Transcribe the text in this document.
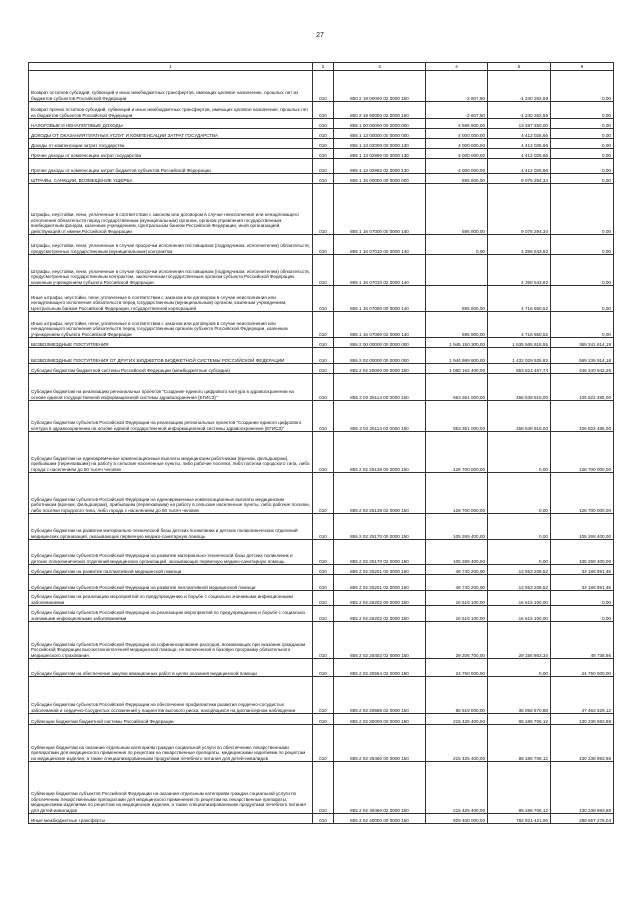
27
1	2	3	4	5	6
Возврат остатков субсидий, субвенций и иных межбюджетных трансфертов, имеющих целевое назначение, прошлых лет из бюджетов субъектов Российской Федерации	010	850 2 19 00000 02 0000 150	-2 607,50	-1 240 262,59	0,00
Возврат прочих остатков субсидий, субвенций и иных межбюджетных трансфертов, имеющих целевое назначение, прошлых лет из бюджетов субъектов Российской Федерации	010	850 2 19 90000 02 0000 150	-2 607,50	-1 240 262,59	0,00
НАЛОГОВЫЕ И НЕНАЛОГОВЫЕ ДОХОДЫ	010	855 1 00 00000 00 0000 000	4 595 800,00	13 487 350,00	0,00
ДОХОДЫ ОТ ОКАЗАНИЯ ПЛАТНЫХ УСЛУГ И КОМПЕНСАЦИИ ЗАТРАТ ГОСУДАРСТВА	010	855 1 13 00000 00 0000 000	4 000 000,00	4 412 025,66	0,00
Доходы от компенсации затрат государства	010	855 1 13 02000 00 0000 130	4 000 000,00	4 412 025,66	0,00
Прочие доходы от компенсации затрат государства	010	855 1 13 02990 00 0000 130	4 000 000,00	4 412 025,66	0,00
Прочие доходы от компенсации затрат бюджетов субъектов Российской Федерации	010	855 1 13 02992 02 0000 130	4 000 000,00	4 412 025,66	0,00
ШТРАФЫ, САНКЦИИ, ВОЗМЕЩЕНИЕ УЩЕРБА	010	855 1 16 00000 00 0000 000	595 800,00	9 075 294,34	0,00
Штрафы, неустойки, пени, уплаченные в соответствии с законом или договором в случае неисполнения или ненадлежащего исполнения обязательств перед государственным (муниципальным) органом, органом управления государственным внебюджетным фондом, казенным учреждением, Центральным банком Российской Федерации, иной организацией, действующей от имени Российской Федерации	010	855 1 16 07000 00 0000 140	595 800,00	9 075 294,34	0,00
Штрафы, неустойки, пени, уплаченные в случае просрочки исполнения поставщиком (подрядчиком, исполнителем) обязательств, предусмотренных государственным (муниципальным) контрактом	010	855 1 16 07010 00 0000 140	0,00	4 358 643,82	0,00
Штрафы, неустойки, пени, уплаченные в случае просрочки исполнения поставщиком (подрядчиком, исполнителем) обязательств, предусмотренных государственным контрактом, заключенным государственным органом субъекта Российской Федерации, казенным учреждением субъекта Российской Федерации	010	855 1 16 07010 02 0000 140		4 358 643,82	0,00
Иные штрафы, неустойки, пени, уплаченные в соответствии с законом или договором в случае неисполнения или ненадлежащего исполнения обязательств перед государственным (муниципальным) органом, казенным учреждением, Центральным банком Российской Федерации, государственной корпорацией	010	855 1 16 07090 00 0000 140	595 800,00	4 716 650,52	0,00
Иные штрафы, неустойки, пени, уплаченные в соответствии с законом или договором в случае неисполнения или ненадлежащего исполнения обязательств перед государственным органом субъекта Российской Федерации, казенным учреждением субъекта Российской Федерации	010	855 1 16 07090 02 0000 140	595 800,00	4 716 650,52	0,00
БЕЗВОЗМЕЗДНЫЕ ПОСТУПЛЕНИЯ	010	855 2 00 00000 00 0000 000	1 945 150 300,00	1 635 565 618,55	369 341 614,19
БЕЗВОЗМЕЗДНЫЕ ПОСТУПЛЕНИЯ ОТ ДРУГИХ БЮДЖЕТОВ БЮДЖЕТНОЙ СИСТЕМЫ РОССИЙСКОЙ ФЕДЕРАЦИИ	010	855 2 02 00000 00 0000 000	1 944 989 800,00	1 432 029 535,82	569 136 914,18
Субсидии бюджетам бюджетной системы Российской Федерации (межбюджетные субсидии)	010	855 2 02 20000 00 0000 150	1 060 162 400,00	553 621 457,74	446 240 942,26
Субсидии бюджетам на реализацию региональных проектов "Создание единого цифрового контура в здравоохранении на основе единой государственной информационной системы здравоохранения (ЕГИСЗ)"	010	855 2 02 25114 00 0000 150	563 361 000,00	456 538 515,00	106 822 485,00
Субсидии бюджетам субъектов Российской Федерации на реализацию региональных проектов "Создание единого цифрового контура в здравоохранении на основе единой государственной информационной системы здравоохранения (ЕГИСЗ)"	010	855 2 02 25114 02 0000 150	563 361 000,00	456 538 515,00	106 822 485,00
Субсидии бюджетам на единовременные компенсационные выплаты медицинским работникам (врачам, фельдшерам), прибывшим (переехавшим) на работу в сельские населенные пункты, либо рабочие поселки, либо поселки городского типа, либо города с населением до 50 тысяч человек	010	855 2 02 25138 00 0000 150	128 700 000,00	0,00	128 700 000,00
Субсидии бюджетам субъектов Российской Федерации на единовременные компенсационные выплаты медицинским работникам (врачам, фельдшерам), прибывшим (переехавшим) на работу в сельские населенные пункты, либо рабочие поселки, либо поселки городского типа, либо города с населением до 50 тысяч человек	010	855 2 02 25138 02 0000 150	128 700 000,00	0,00	128 700 000,00
Субсидии бюджетам на развитие материально-технической базы детских поликлиник и детских поликлинических отделений медицинских организаций, оказывающих первичную медико-санитарную помощь	010	855 2 02 25170 00 0000 150	105 269 400,00	0,00	105 269 400,00
Субсидии бюджетам субъектов Российской Федерации на развитие материально-технической базы детских поликлиник и детских поликлинических отделений медицинских организаций, оказывающих первичную медико-санитарную помощь	010	855 2 02 25170 02 0000 150	105 269 400,00	0,00	105 269 400,00
Субсидии бюджетам на развитие паллиативной медицинской помощи	010	855 2 02 25201 00 0000 150	46 740 200,00	13 553 208,52	33 186 991,48
Субсидии бюджетам субъектов Российской Федерации на развитие паллиативной медицинской помощи	010	855 2 02 25201 02 0000 150	46 740 200,00	13 553 208,52	33 186 991,48
Субсидии бюджетам на реализацию мероприятий по предупреждению и борьбе с социально значимыми инфекционными заболеваниями	010	855 2 02 25202 00 0000 150	16 616 100,00	16 616 100,00	0,00
Субсидии бюджетам субъектов Российской Федерации на реализацию мероприятий по предупреждению и борьбе с социально значимыми инфекционными заболеваниями	010	855 2 02 25202 02 0000 150	16 616 100,00	16 616 100,00	0,00
Субсидии бюджетам субъектов Российской Федерации на софинансирование расходов, возникающих при оказании гражданам Российской Федерации высокотехнологичной медицинской помощи, не включенной в базовую программу обязательного медицинского страхования	010	855 2 02 25402 02 0000 150	29 206 700,00	29 156 963,34	49 736,66
Субсидии бюджетам на обеспечение закупки авиационных работ в целях оказания медицинской помощи	010	855 2 02 25554 02 0000 150	24 750 000,00	0,00	24 750 000,00
Субсидии бюджетам субъектов Российской Федерации на обеспечение профилактики развития сердечно-сосудистых заболеваний и сердечно-сосудистых осложнений у пациентов высокого риска, находящихся на диспансерном наблюдении	010	855 2 02 25586 02 0000 150	85 519 000,00	35 056 670,88	47 462 329,12
Субвенции бюджетам бюджетной системы Российской Федерации	010	855 2 02 30000 00 0000 150	215 425 400,00	85 186 706,12	130 238 693,88
Субвенции бюджетам на оказание отдельным категориям граждан социальной услуги по обеспечению лекарственными препаратами для медицинского применения по рецептам на лекарственные препараты, медицинскими изделиями по рецептам на медицинские изделия, а также специализированными продуктами лечебного питания для детей-инвалидов	010	855 2 02 35460 00 0000 150	215 425 400,00	85 186 706,12	130 238 693,88
Субвенции бюджетам субъектов Российской Федерации на оказание отдельным категориям граждан социальной услуги по обеспечению лекарственными препаратами для медицинского применения по рецептам на лекарственные препараты, медицинскими изделиями по рецептам на медицинские изделия, а также специализированными продуктами лечебного питания для детей-инвалидов	010	855 2 02 35460 02 0000 150	215 425 400,00	85 186 706,12	130 238 693,88
Иные межбюджетные трансферты	010	855 2 02 40000 00 0000 150	629 400 000,00	782 921 421,96	289 657 278,04
